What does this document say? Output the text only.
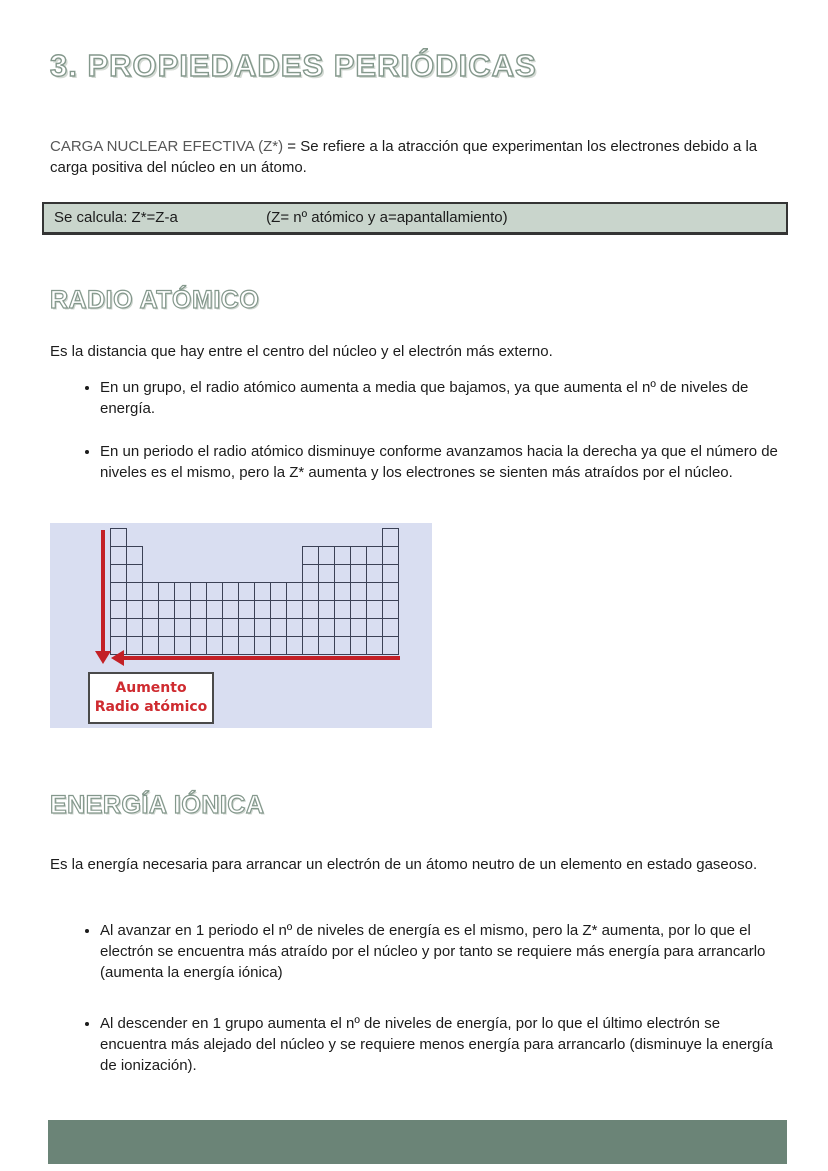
3. PROPIEDADES PERIÓDICAS

CARGA NUCLEAR EFECTIVA (Z*) = Se refiere a la atracción que experimentan los electrones debido a la carga positiva del núcleo en un átomo.

Se calcula: Z*=Z-a	(Z= nº atómico y a=apantallamiento)
RADIO ATÓMICO

Es la distancia que hay entre el centro del núcleo y el electrón más externo.

• En un grupo, el radio atómico aumenta a media que bajamos, ya que aumenta el nº de niveles de energía.
• En un periodo el radio atómico disminuye conforme avanzamos hacia la derecha ya que el número de niveles es el mismo, pero la Z* aumenta y los electrones se sienten más atraídos por el núcleo.
Aumento
Radio atómico
ENERGÍA IÓNICA

Es la energía necesaria para arrancar un electrón de un átomo neutro de un elemento en estado gaseoso.

• Al avanzar en 1 periodo el nº de niveles de energía es el mismo, pero la Z* aumenta, por lo que el electrón se encuentra más atraído por el núcleo y por tanto se requiere más energía para arrancarlo (aumenta la energía iónica)
• Al descender en 1 grupo aumenta el nº de niveles de energía, por lo que el último electrón se encuentra más alejado del núcleo y se requiere menos energía para arrancarlo (disminuye la energía de ionización).
